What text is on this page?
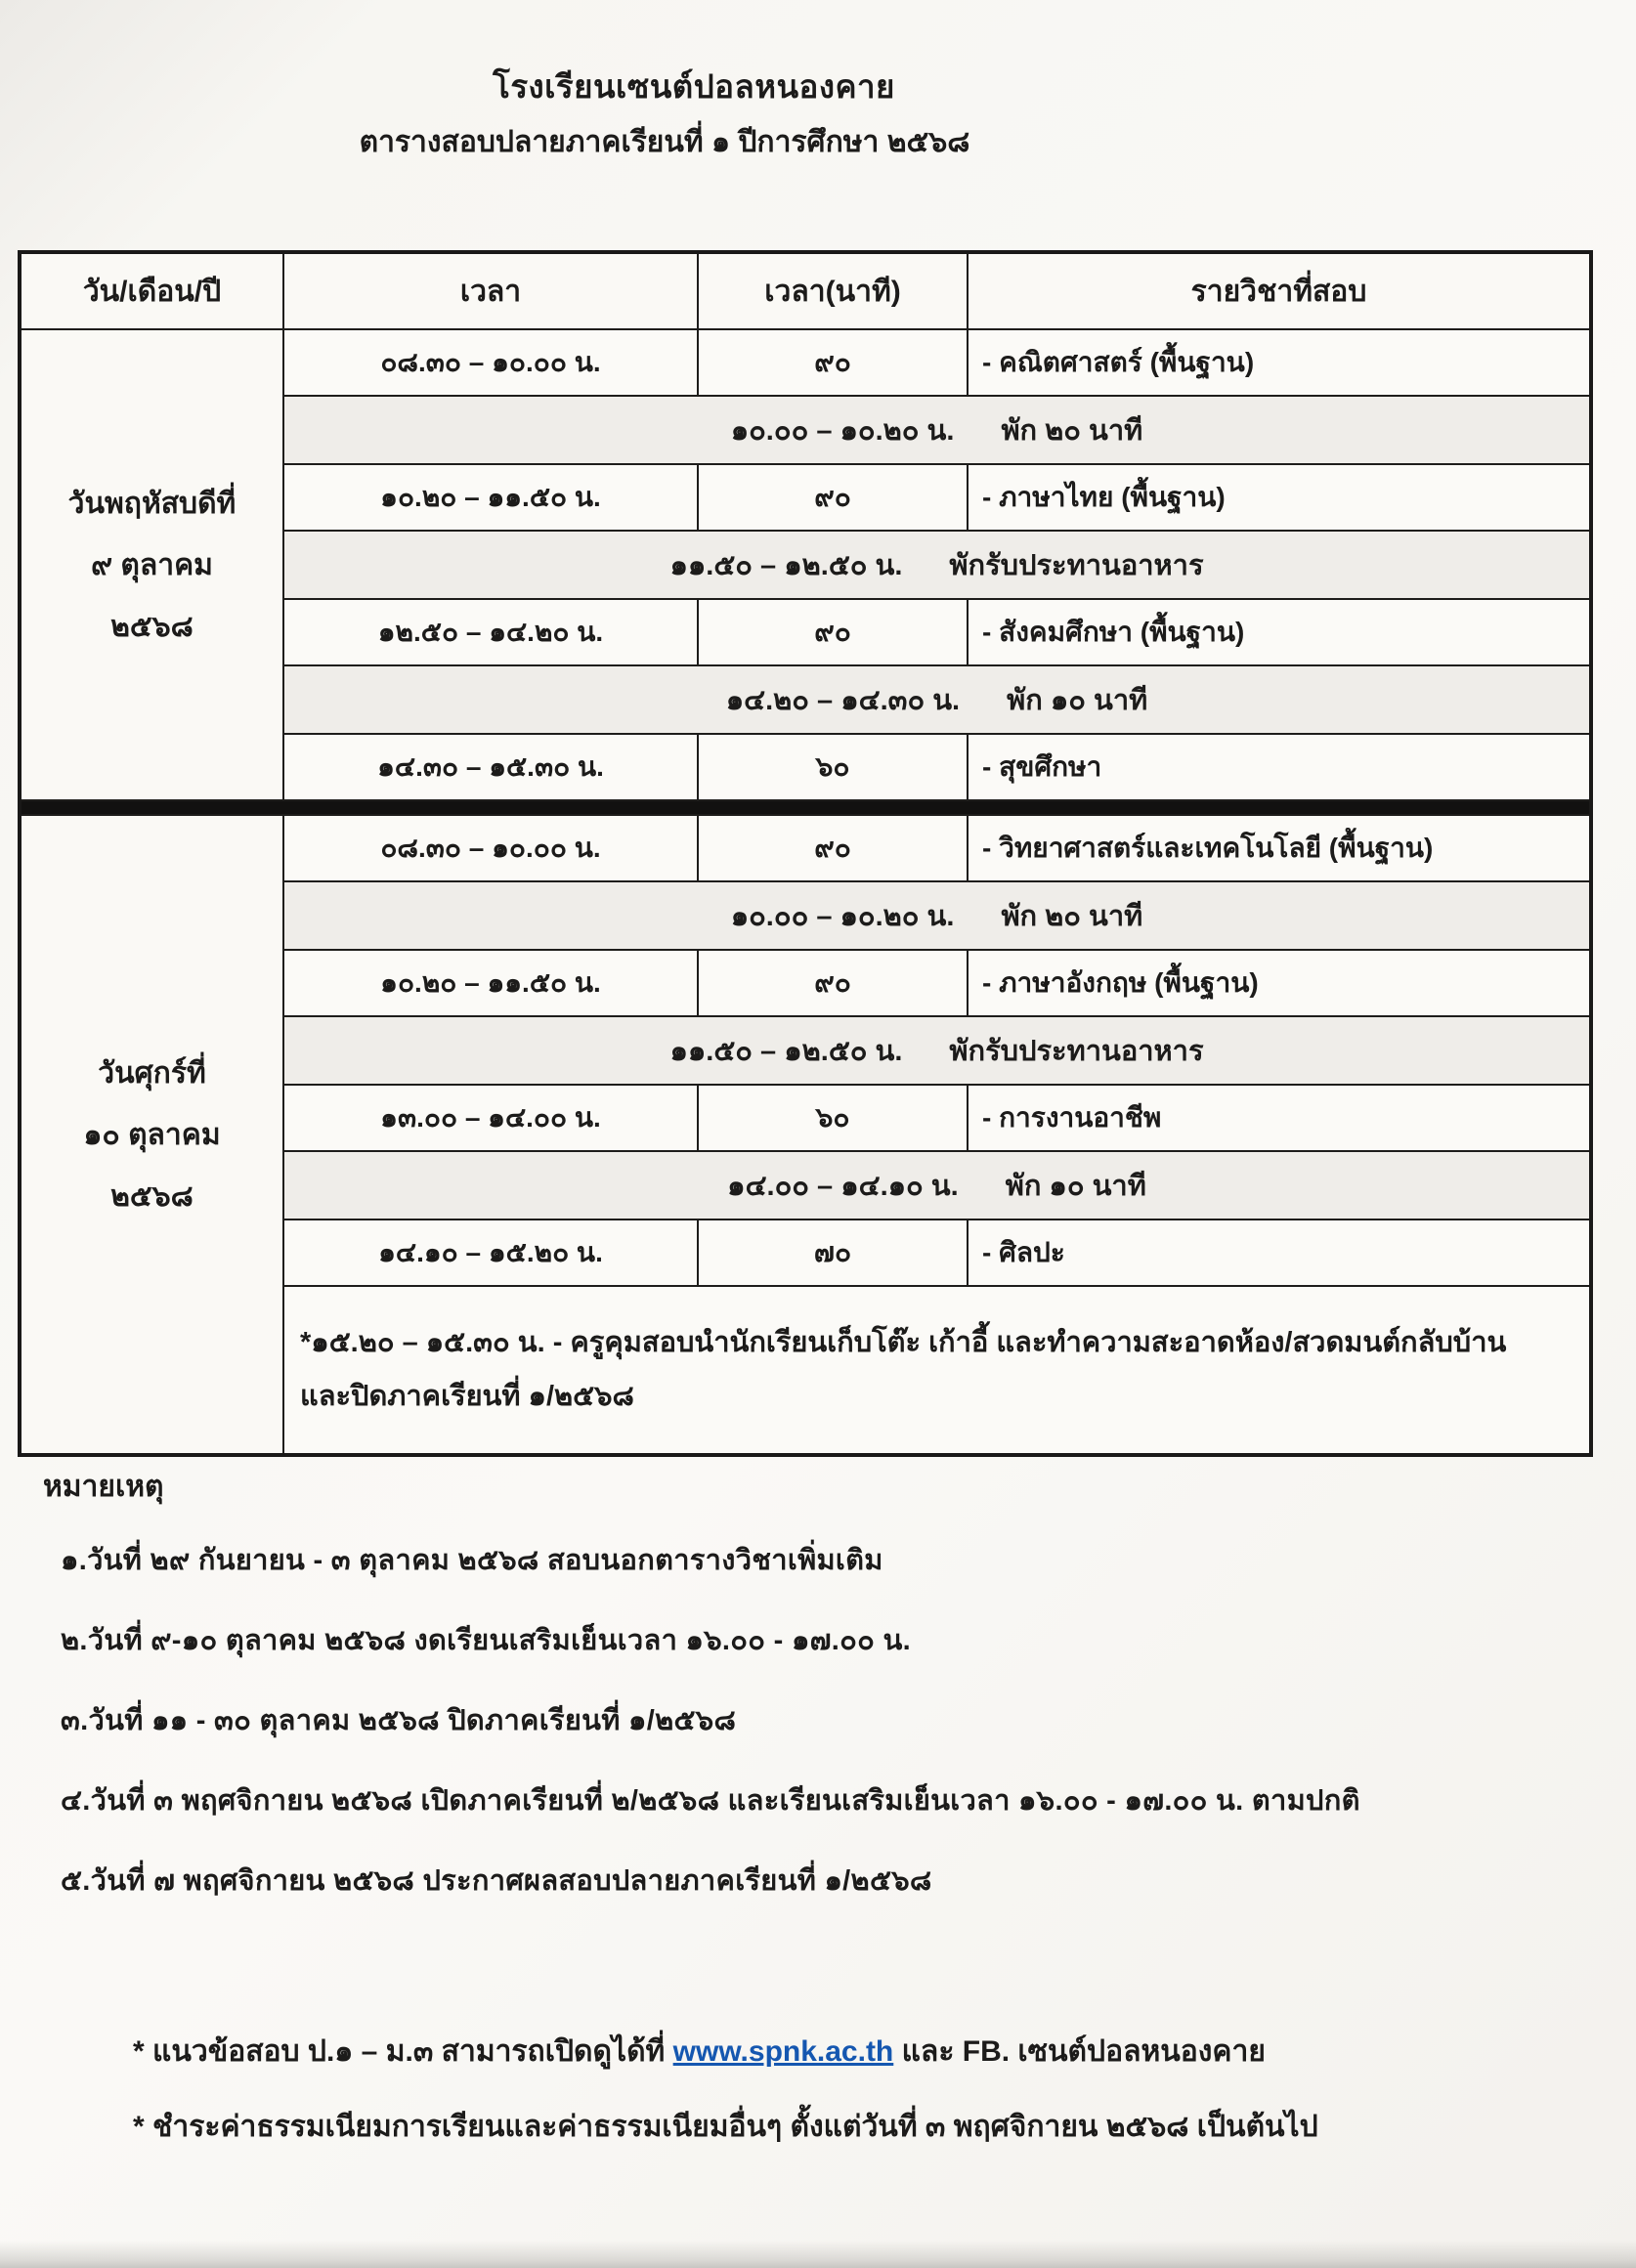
โรงเรียนเซนต์ปอลหนองคาย
ตารางสอบปลายภาคเรียนที่ ๑ ปีการศึกษา ๒๕๖๘
วัน/เดือน/ปี	เวลา	เวลา(นาที)	รายวิชาที่สอบ

วันพฤหัสบดีที่
๙ ตุลาคม
๒๕๖๘	๐๘.๓๐ – ๑๐.๐๐ น.	๙๐	- คณิตศาสตร์ (พื้นฐาน)
	๑๐.๐๐ – ๑๐.๒๐ น. พัก ๒๐ นาที		
	๑๐.๒๐ – ๑๑.๕๐ น.	๙๐	- ภาษาไทย (พื้นฐาน)
	๑๑.๕๐ – ๑๒.๕๐ น. พักรับประทานอาหาร		
	๑๒.๕๐ – ๑๔.๒๐ น.	๙๐	- สังคมศึกษา (พื้นฐาน)
	๑๔.๒๐ – ๑๔.๓๐ น. พัก ๑๐ นาที		
	๑๔.๓๐ – ๑๕.๓๐ น.	๖๐	- สุขศึกษา

วันศุกร์ที่
๑๐ ตุลาคม
๒๕๖๘	๐๘.๓๐ – ๑๐.๐๐ น.	๙๐	- วิทยาศาสตร์และเทคโนโลยี (พื้นฐาน)
	๑๐.๐๐ – ๑๐.๒๐ น. พัก ๒๐ นาที		
	๑๐.๒๐ – ๑๑.๕๐ น.	๙๐	- ภาษาอังกฤษ (พื้นฐาน)
	๑๑.๕๐ – ๑๒.๕๐ น. พักรับประทานอาหาร		
	๑๓.๐๐ – ๑๔.๐๐ น.	๖๐	- การงานอาชีพ
	๑๔.๐๐ – ๑๔.๑๐ น. พัก ๑๐ นาที		
	๑๔.๑๐ – ๑๕.๒๐ น.	๗๐	- ศิลปะ

	*๑๕.๒๐ – ๑๕.๓๐ น. - ครูคุมสอบนำนักเรียนเก็บโต๊ะ เก้าอี้ และทำความสะอาดห้อง/สวดมนต์กลับบ้าน
และปิดภาคเรียนที่ ๑/๒๕๖๘		
หมายเหตุ
๑.วันที่ ๒๙ กันยายน - ๓ ตุลาคม ๒๕๖๘ สอบนอกตารางวิชาเพิ่มเติม
๒.วันที่ ๙-๑๐ ตุลาคม ๒๕๖๘ งดเรียนเสริมเย็นเวลา ๑๖.๐๐ - ๑๗.๐๐ น.
๓.วันที่ ๑๑ - ๓๐ ตุลาคม ๒๕๖๘ ปิดภาคเรียนที่ ๑/๒๕๖๘
๔.วันที่ ๓ พฤศจิกายน ๒๕๖๘ เปิดภาคเรียนที่ ๒/๒๕๖๘ และเรียนเสริมเย็นเวลา ๑๖.๐๐ - ๑๗.๐๐ น. ตามปกติ
๕.วันที่ ๗ พฤศจิกายน ๒๕๖๘ ประกาศผลสอบปลายภาคเรียนที่ ๑/๒๕๖๘
* แนวข้อสอบ ป.๑ – ม.๓ สามารถเปิดดูได้ที่ www.spnk.ac.th และ FB. เซนต์ปอลหนองคาย
* ชำระค่าธรรมเนียมการเรียนและค่าธรรมเนียมอื่นๆ ตั้งแต่วันที่ ๓ พฤศจิกายน ๒๕๖๘ เป็นต้นไป
